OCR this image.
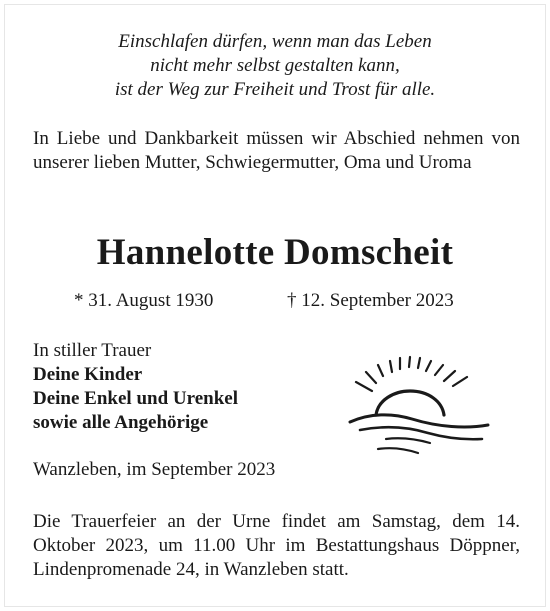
Einschlafen dürfen, wenn man das Leben
nicht mehr selbst gestalten kann,
ist der Weg zur Freiheit und Trost für alle.
In Liebe und Dankbarkeit müssen wir Abschied nehmen von unserer lieben Mutter, Schwiegermutter, Oma und Uroma
Hannelotte Domscheit
* 31. August 1930	† 12. September 2023
In stiller Trauer
Deine Kinder
Deine Enkel und Urenkel
sowie alle Angehörige
Wanzleben, im September 2023
Die Trauerfeier an der Urne findet am Samstag, dem 14. Oktober 2023, um 11.00 Uhr im Bestattungshaus Döppner, Lindenpromenade 24, in Wanzleben statt.
